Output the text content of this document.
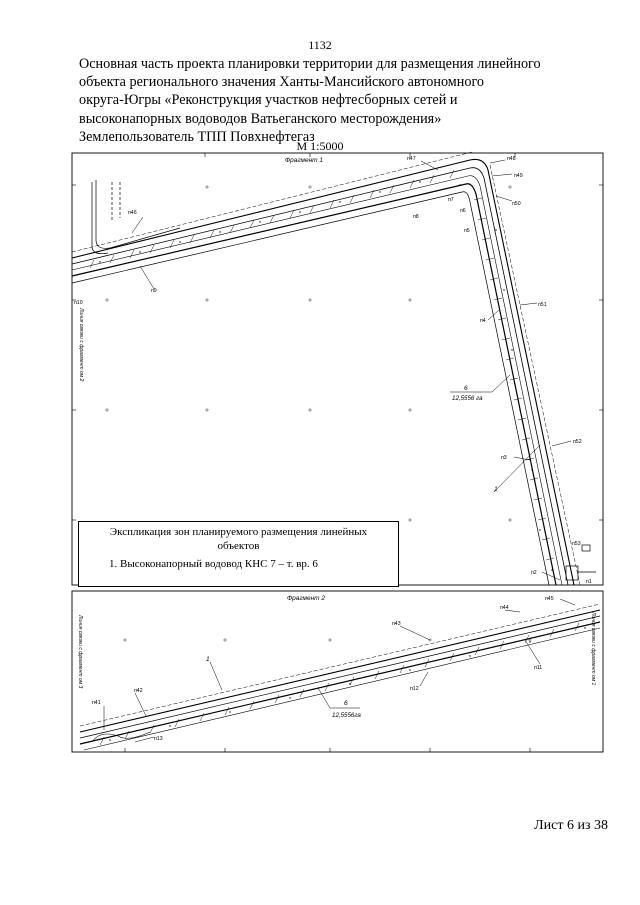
1132
Основная часть проекта планировки территории для размещения линейного
объекта регионального значения Ханты-Мансийского автономного
округа-Югры «Реконструкция участков нефтесборных сетей и
высоконапорных водоводов Ватьеганского месторождения»
Землепользователь ТПП Повхнефтегаз
М 1:5000
Фрагмент 1
Линия связки с фрагмент ом 2
п47	п48
п49
п50
п7
п6
п8
п5
п46
п9
п10
п4
п51
п52
п3
п53
п2
п1
6
12,5556 га
1
Фрагмент 2
Линия связки с фрагмент ом 3	Линия связки с фрагмент ом 1
п45
п44
п43
п11
п12
п42
п41
п13
1
6
12,5556га
Экспликация зон планируемого размещения линейных объектов
1. Высоконапорный водовод КНС 7 – т. вр. 6
Лист 6 из 38
